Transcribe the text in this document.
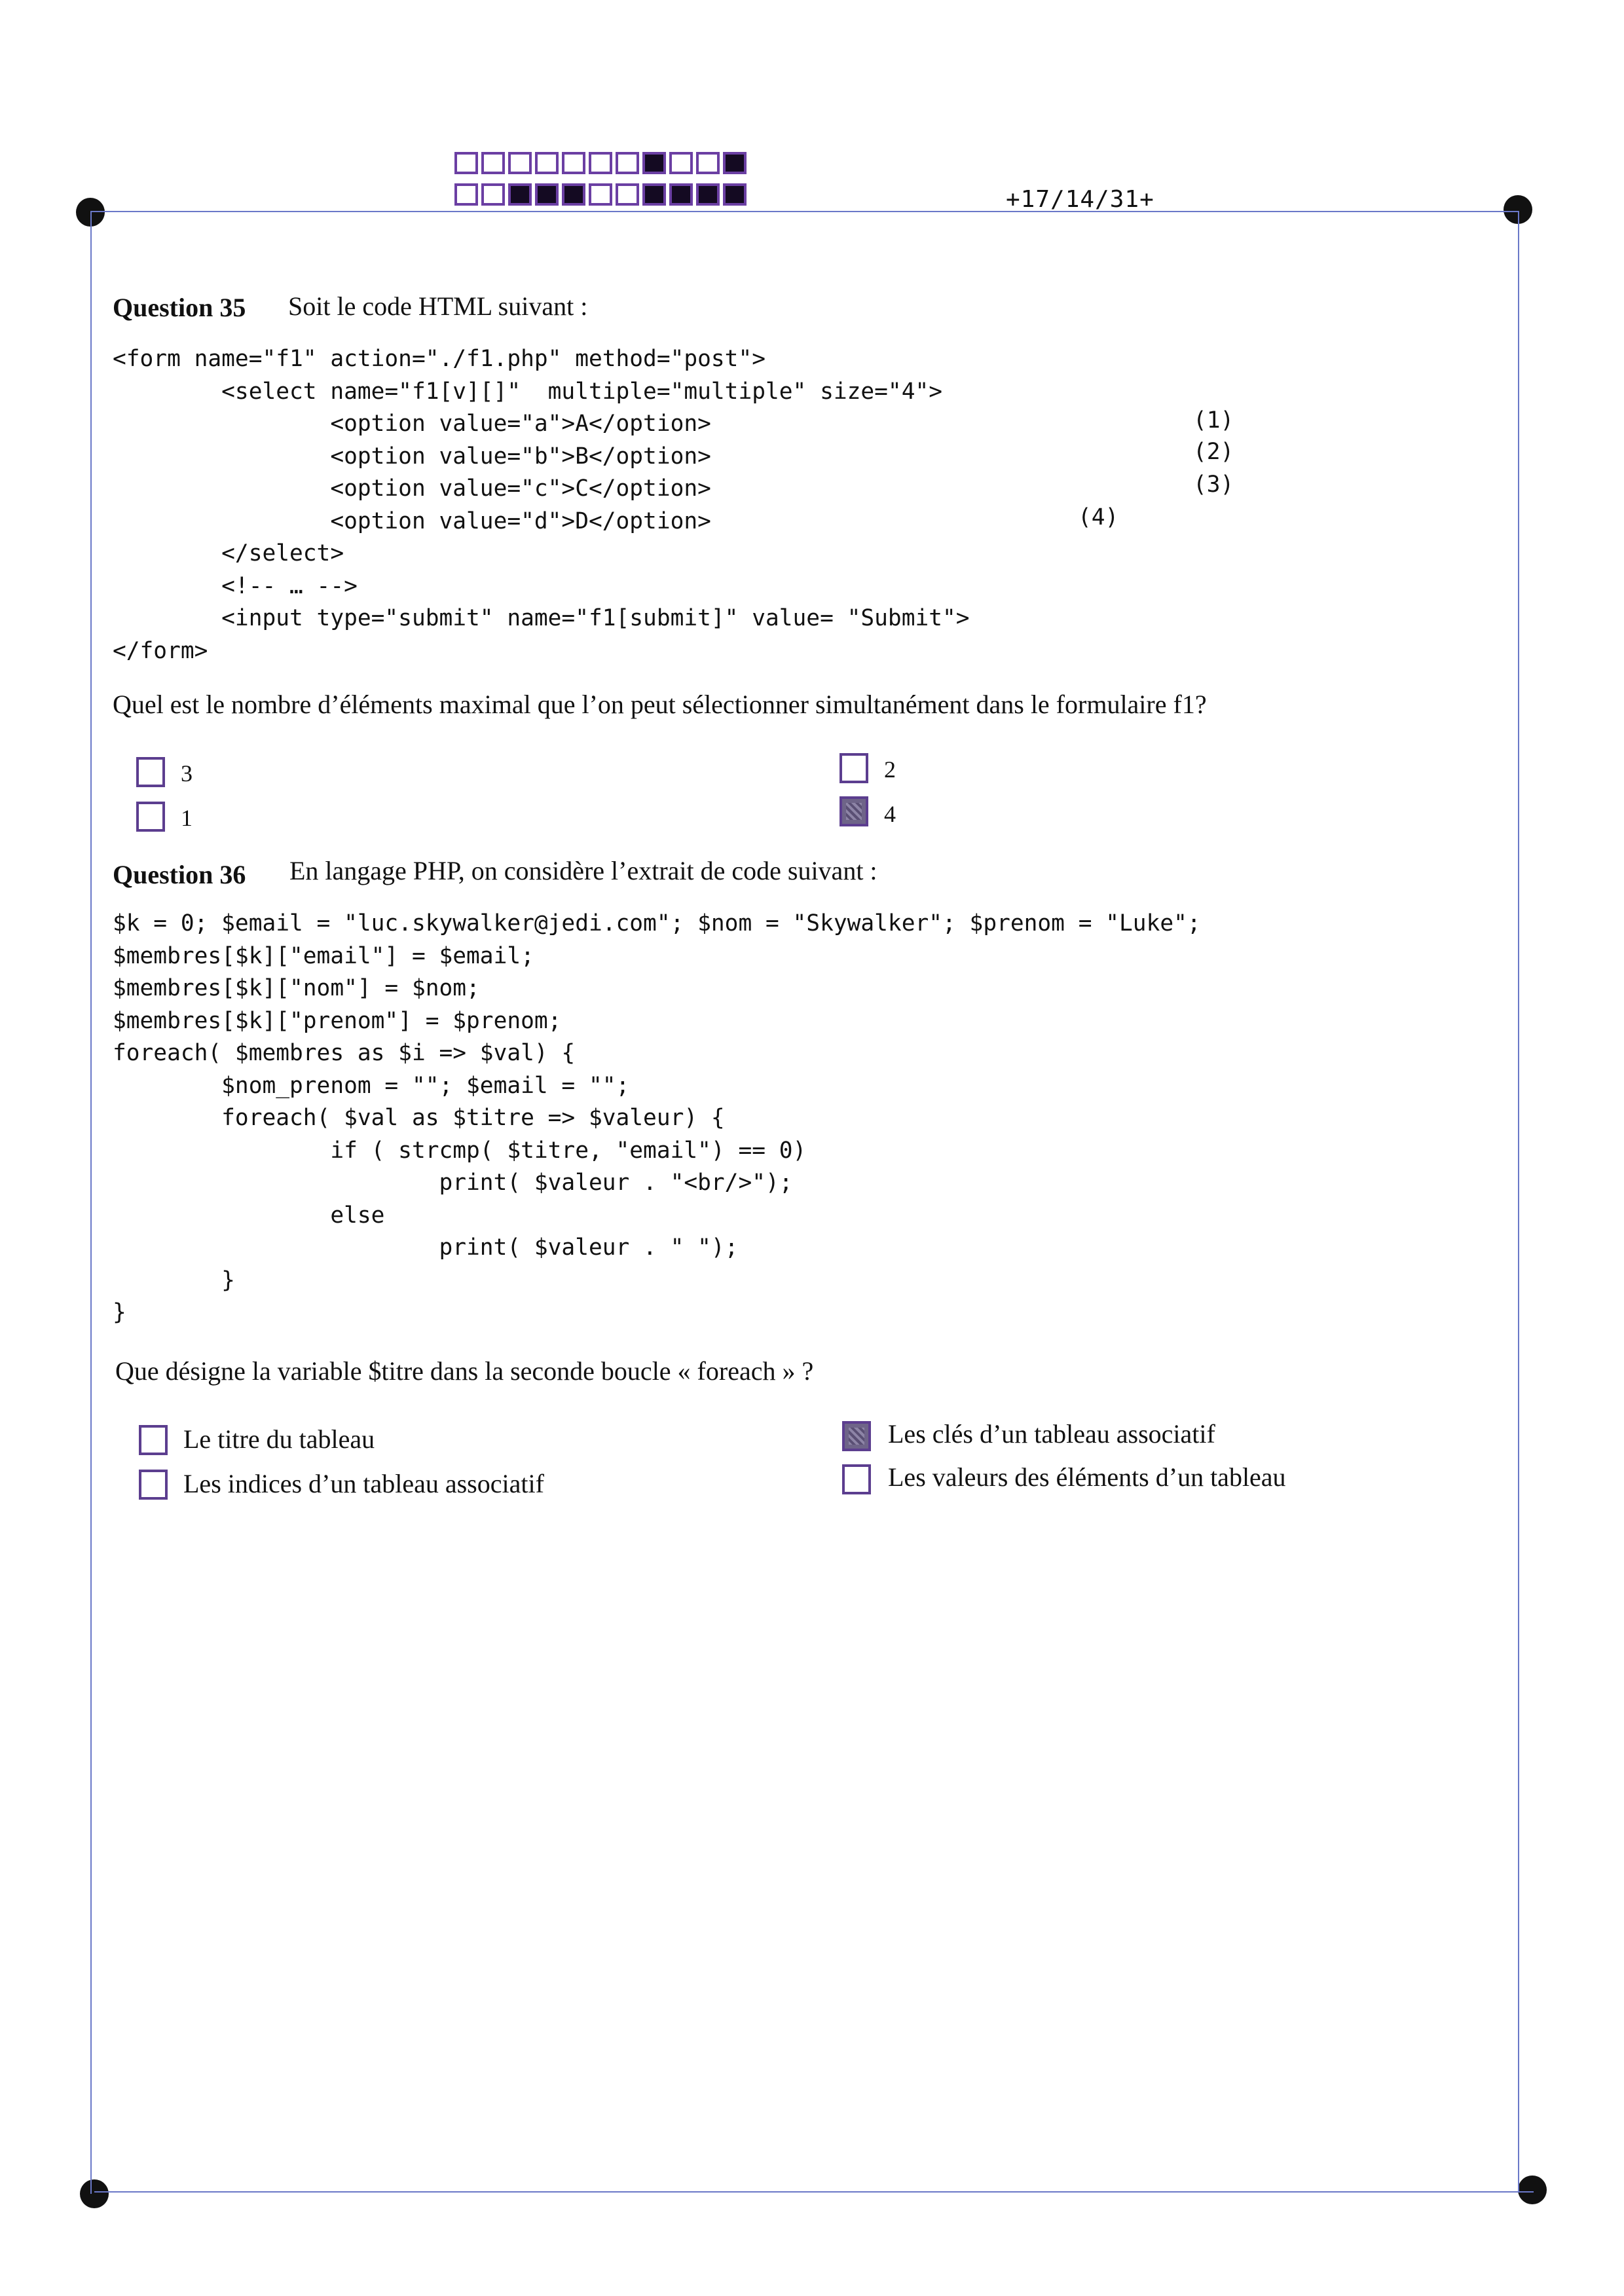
+17/14/31+
Question 35 Soit le code HTML suivant :
<form name="f1" action="./f1.php" method="post">
<select name="f1[v][]"  multiple="multiple" size="4">
<option value="a">A</option>
<option value="b">B</option>
<option value="c">C</option>
<option value="d">D</option>
</select>
<!-- … -->
<input type="submit" name="f1[submit]" value= "Submit">
</form>
(1)
(2)
(3)
(4)
Quel est le nombre d’éléments maximal que l’on peut sélectionner simultanément dans le formulaire f1?
3
1
2
4
Question 36 En langage PHP, on considère l’extrait de code suivant :
$k = 0; $email = "luc.skywalker@jedi.com"; $nom = "Skywalker"; $prenom = "Luke";
$membres[$k]["email"] = $email;
$membres[$k]["nom"] = $nom;
$membres[$k]["prenom"] = $prenom;
foreach( $membres as $i => $val) {
$nom_prenom = ""; $email = "";
foreach( $val as $titre => $valeur) {
if ( strcmp( $titre, "email") == 0)
print( $valeur . "<br/>");
else
print( $valeur . " ");
}
}
Que désigne la variable $titre dans la seconde boucle « foreach » ?
Le titre du tableau
Les indices d’un tableau associatif
Les clés d’un tableau associatif
Les valeurs des éléments d’un tableau
